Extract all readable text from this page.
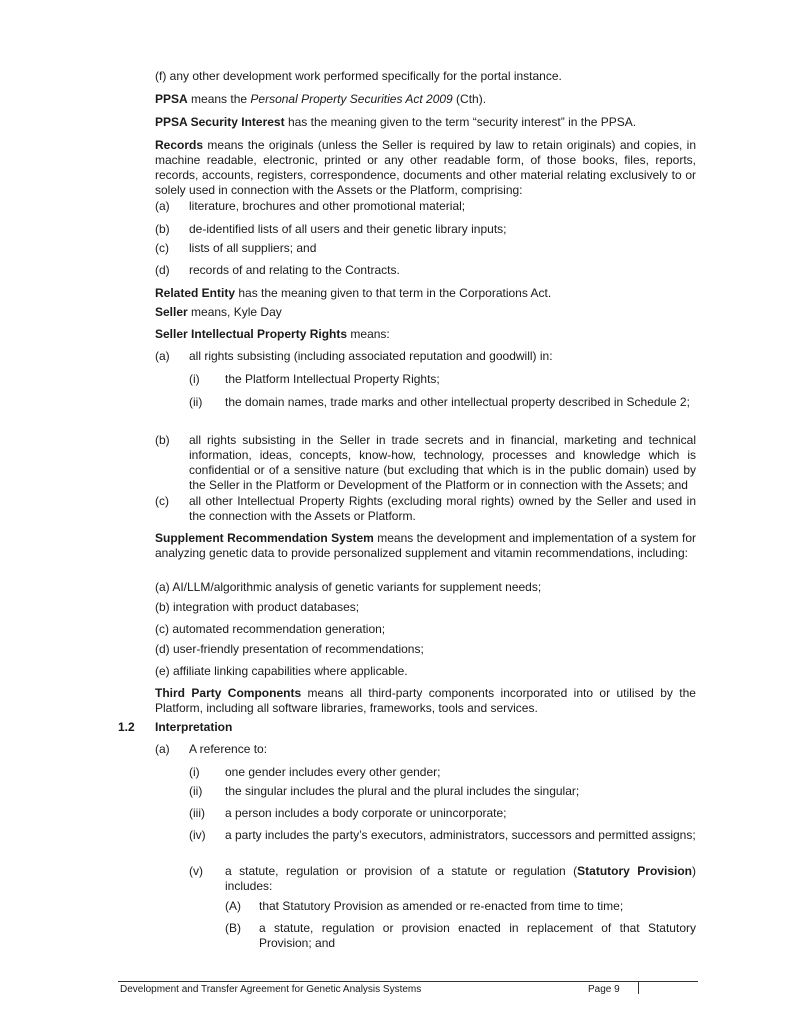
(f) any other development work performed specifically for the portal instance.

PPSA means the Personal Property Securities Act 2009 (Cth).

PPSA Security Interest has the meaning given to the term “security interest” in the PPSA.

Records means the originals (unless the Seller is required by law to retain originals) and copies, in machine readable, electronic, printed or any other readable form, of those books, files, reports, records, accounts, registers, correspondence, documents and other material relating exclusively to or solely used in connection with the Assets or the Platform, comprising:

(a) literature, brochures and other promotional material;
(b) de-identified lists of all users and their genetic library inputs;
(c) lists of all suppliers; and
(d) records of and relating to the Contracts.

Related Entity has the meaning given to that term in the Corporations Act.

Seller means, Kyle Day

Seller Intellectual Property Rights means:

(a) all rights subsisting (including associated reputation and goodwill) in:
(i) the Platform Intellectual Property Rights;
(ii) the domain names, trade marks and other intellectual property described in Schedule 2;

(b) all rights subsisting in the Seller in trade secrets and in financial, marketing and technical information, ideas, concepts, know-how, technology, processes and knowledge which is confidential or of a sensitive nature (but excluding that which is in the public domain) used by the Seller in the Platform or Development of the Platform or in connection with the Assets; and

(c) all other Intellectual Property Rights (excluding moral rights) owned by the Seller and used in the connection with the Assets or Platform.

Supplement Recommendation System means the development and implementation of a system for analyzing genetic data to provide personalized supplement and vitamin recommendations, including:

(a) AI/LLM/algorithmic analysis of genetic variants for supplement needs;

(b) integration with product databases;

(c) automated recommendation generation;

(d) user-friendly presentation of recommendations;

(e) affiliate linking capabilities where applicable.

Third Party Components means all third-party components incorporated into or utilised by the Platform, including all software libraries, frameworks, tools and services.

1.2 Interpretation
(a) A reference to:
(i) one gender includes every other gender;
(ii) the singular includes the plural and the plural includes the singular;
(iii) a person includes a body corporate or unincorporate;
(iv) a party includes the party’s executors, administrators, successors and permitted assigns;

(v) a statute, regulation or provision of a statute or regulation (Statutory Provision) includes:

(A) that Statutory Provision as amended or re-enacted from time to time;
(B) a statute, regulation or provision enacted in replacement of that Statutory Provision; and

Development and Transfer Agreement for Genetic Analysis Systems	Page 9
